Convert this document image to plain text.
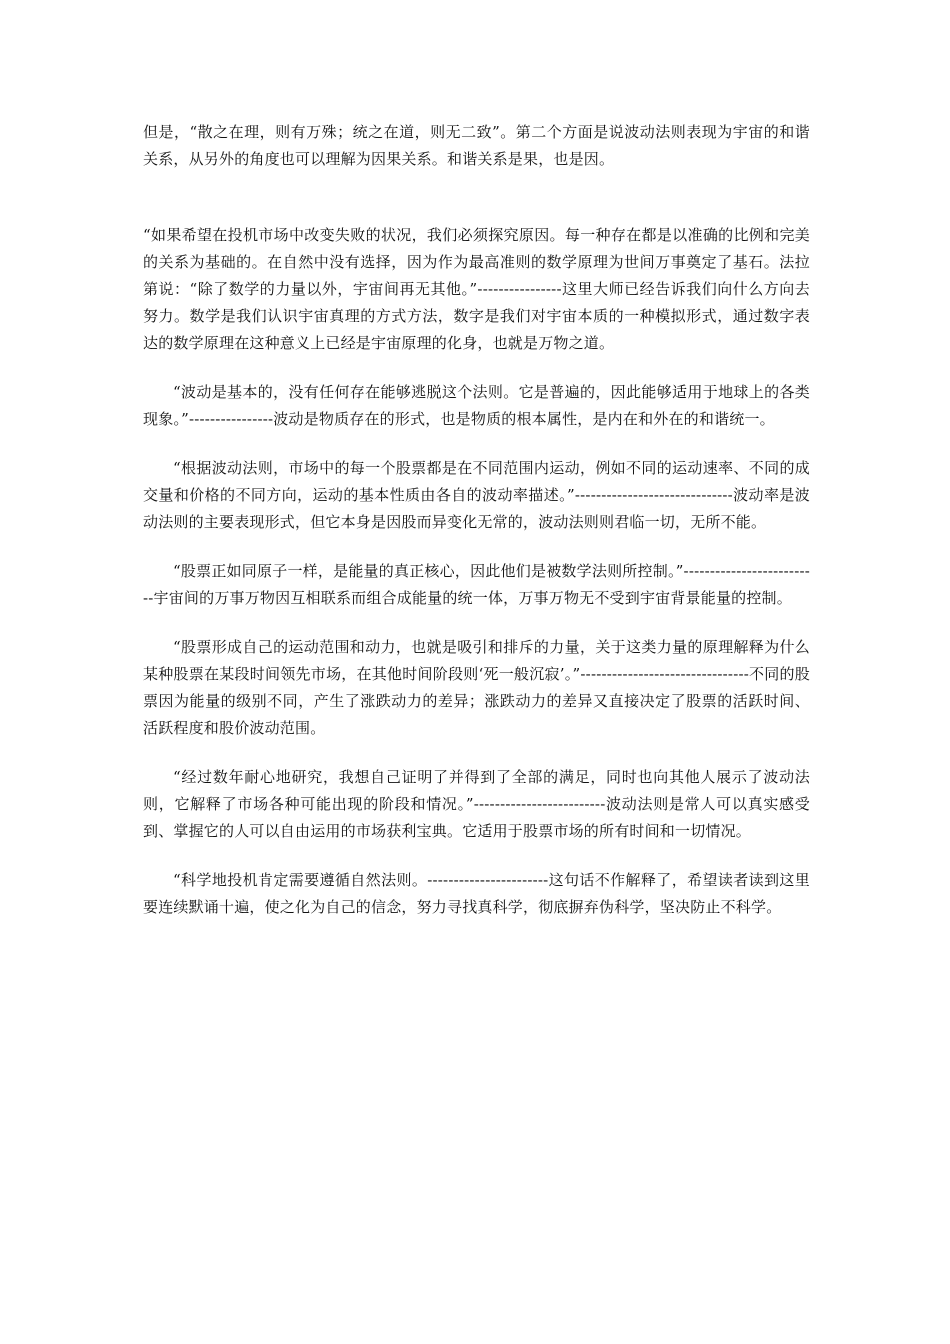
但是，“散之在理，则有万殊；统之在道，则无二致”。第二个方面是说波动法则表现为宇宙的和谐关系，从另外的角度也可以理解为因果关系。和谐关系是果，也是因。

“如果希望在投机市场中改变失败的状况，我们必须探究原因。每一种存在都是以准确的比例和完美的关系为基础的。在自然中没有选择，因为作为最高准则的数学原理为世间万事奠定了基石。法拉第说：“除了数学的力量以外，宇宙间再无其他。”----------------这里大师已经告诉我们向什么方向去努力。数学是我们认识宇宙真理的方式方法，数字是我们对宇宙本质的一种模拟形式，通过数字表达的数学原理在这种意义上已经是宇宙原理的化身，也就是万物之道。

“波动是基本的，没有任何存在能够逃脱这个法则。它是普遍的，因此能够适用于地球上的各类现象。”----------------波动是物质存在的形式，也是物质的根本属性，是内在和外在的和谐统一。

“根据波动法则，市场中的每一个股票都是在不同范围内运动，例如不同的运动速率、不同的成交量和价格的不同方向，运动的基本性质由各自的波动率描述。”------------------------------波动率是波动法则的主要表现形式，但它本身是因股而异变化无常的，波动法则则君临一切，无所不能。

“股票正如同原子一样，是能量的真正核心，因此他们是被数学法则所控制。”--------------------------宇宙间的万事万物因互相联系而组合成能量的统一体，万事万物无不受到宇宙背景能量的控制。

“股票形成自己的运动范围和动力，也就是吸引和排斥的力量，关于这类力量的原理解释为什么某种股票在某段时间领先市场，在其他时间阶段则‘死一般沉寂’。”--------------------------------不同的股票因为能量的级别不同，产生了涨跌动力的差异；涨跌动力的差异又直接决定了股票的活跃时间、活跃程度和股价波动范围。

“经过数年耐心地研究，我想自己证明了并得到了全部的满足，同时也向其他人展示了波动法则，它解释了市场各种可能出现的阶段和情况。”-------------------------波动法则是常人可以真实感受到、掌握它的人可以自由运用的市场获利宝典。它适用于股票市场的所有时间和一切情况。

“科学地投机肯定需要遵循自然法则。-----------------------这句话不作解释了，希望读者读到这里要连续默诵十遍，使之化为自己的信念，努力寻找真科学，彻底摒弃伪科学，坚决防止不科学。
